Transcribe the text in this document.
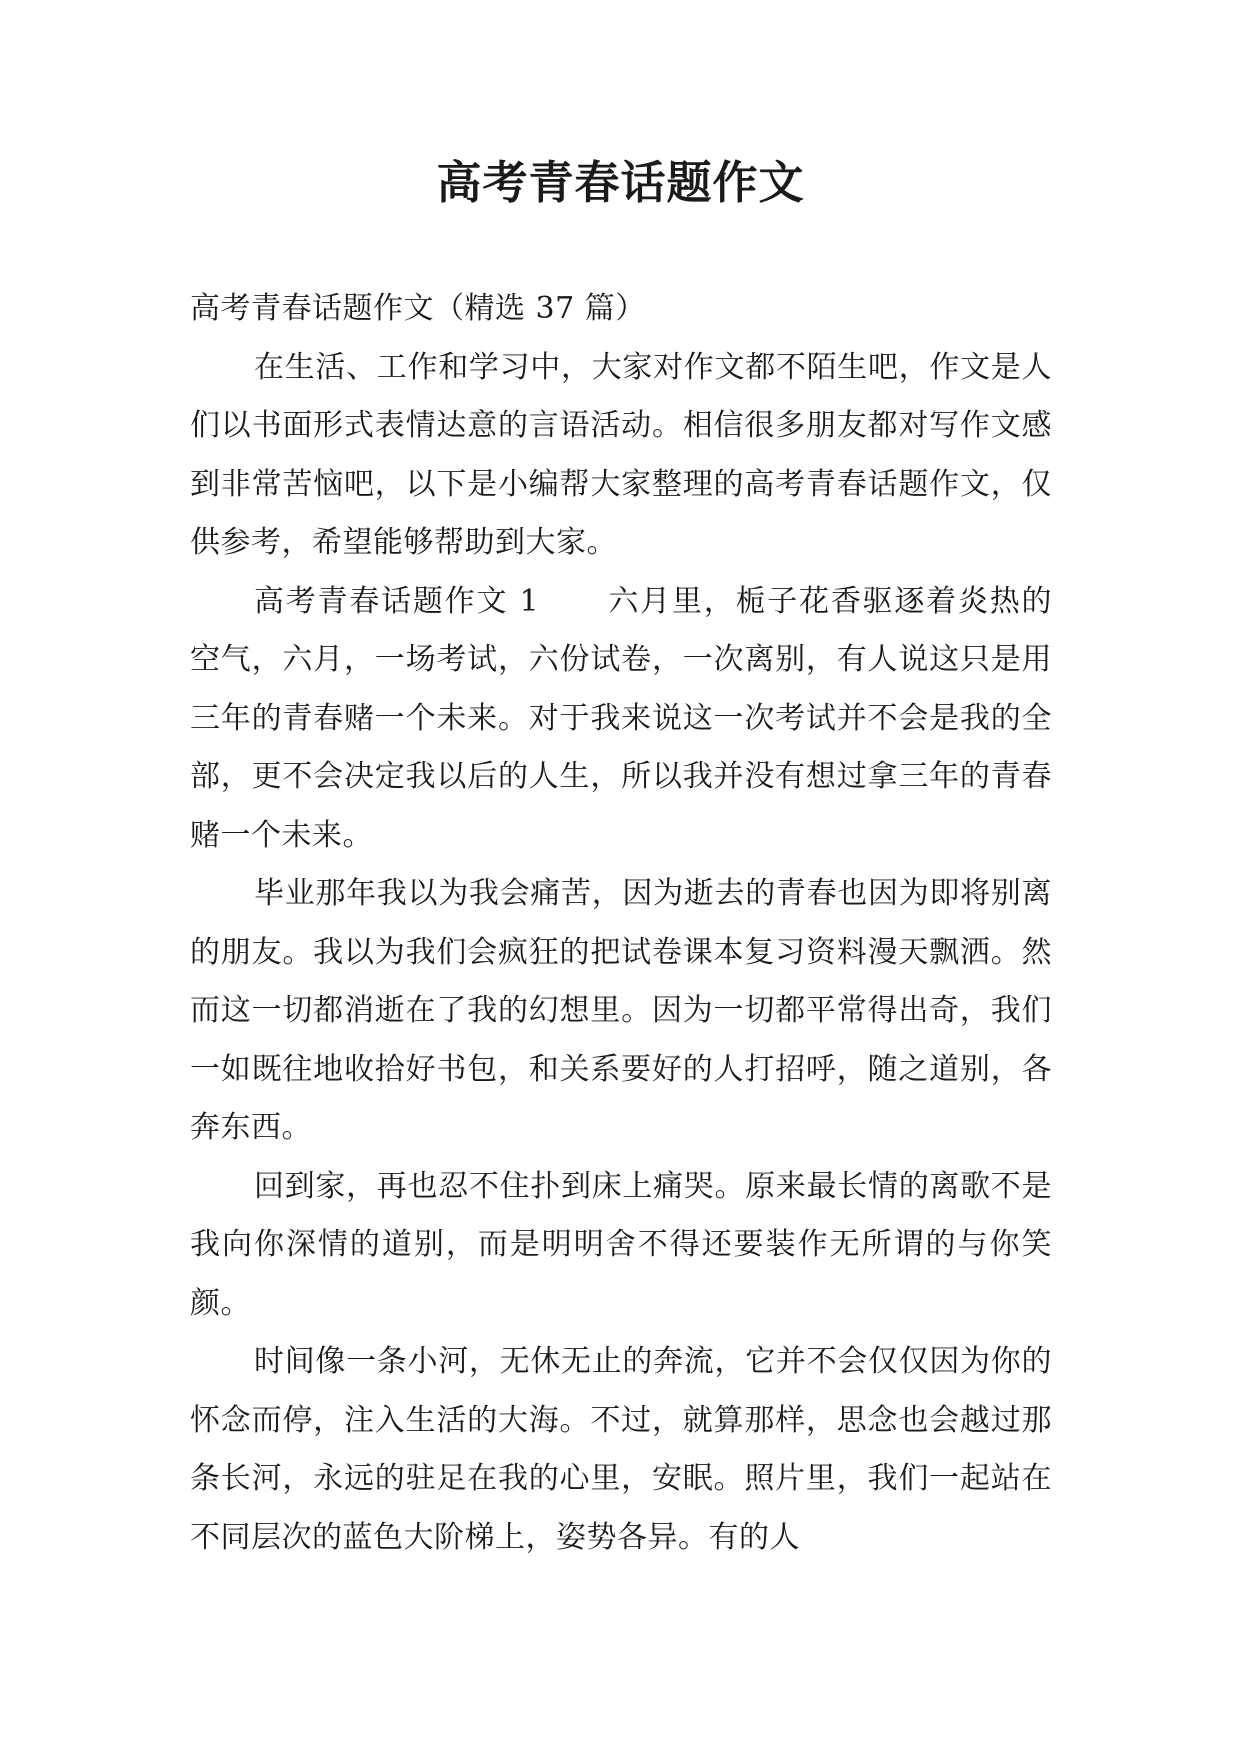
高考青春话题作文

高考青春话题作文（精选 37 篇）

在生活、工作和学习中，大家对作文都不陌生吧，作文是人们以书面形式表情达意的言语活动。相信很多朋友都对写作文感到非常苦恼吧，以下是小编帮大家整理的高考青春话题作文，仅供参考，希望能够帮助到大家。

高考青春话题作文 1 六月里，栀子花香驱逐着炎热的空气，六月，一场考试，六份试卷，一次离别，有人说这只是用三年的青春赌一个未来。对于我来说这一次考试并不会是我的全部，更不会决定我以后的人生，所以我并没有想过拿三年的青春赌一个未来。

毕业那年我以为我会痛苦，因为逝去的青春也因为即将别离的朋友。我以为我们会疯狂的把试卷课本复习资料漫天飘洒。然而这一切都消逝在了我的幻想里。因为一切都平常得出奇，我们一如既往地收拾好书包，和关系要好的人打招呼，随之道别，各奔东西。

回到家，再也忍不住扑到床上痛哭。原来最长情的离歌不是我向你深情的道别，而是明明舍不得还要装作无所谓的与你笑颜。

时间像一条小河，无休无止的奔流，它并不会仅仅因为你的怀念而停，注入生活的大海。不过，就算那样，思念也会越过那条长河，永远的驻足在我的心里，安眠。照片里，我们一起站在不同层次的蓝色大阶梯上，姿势各异。有的人
